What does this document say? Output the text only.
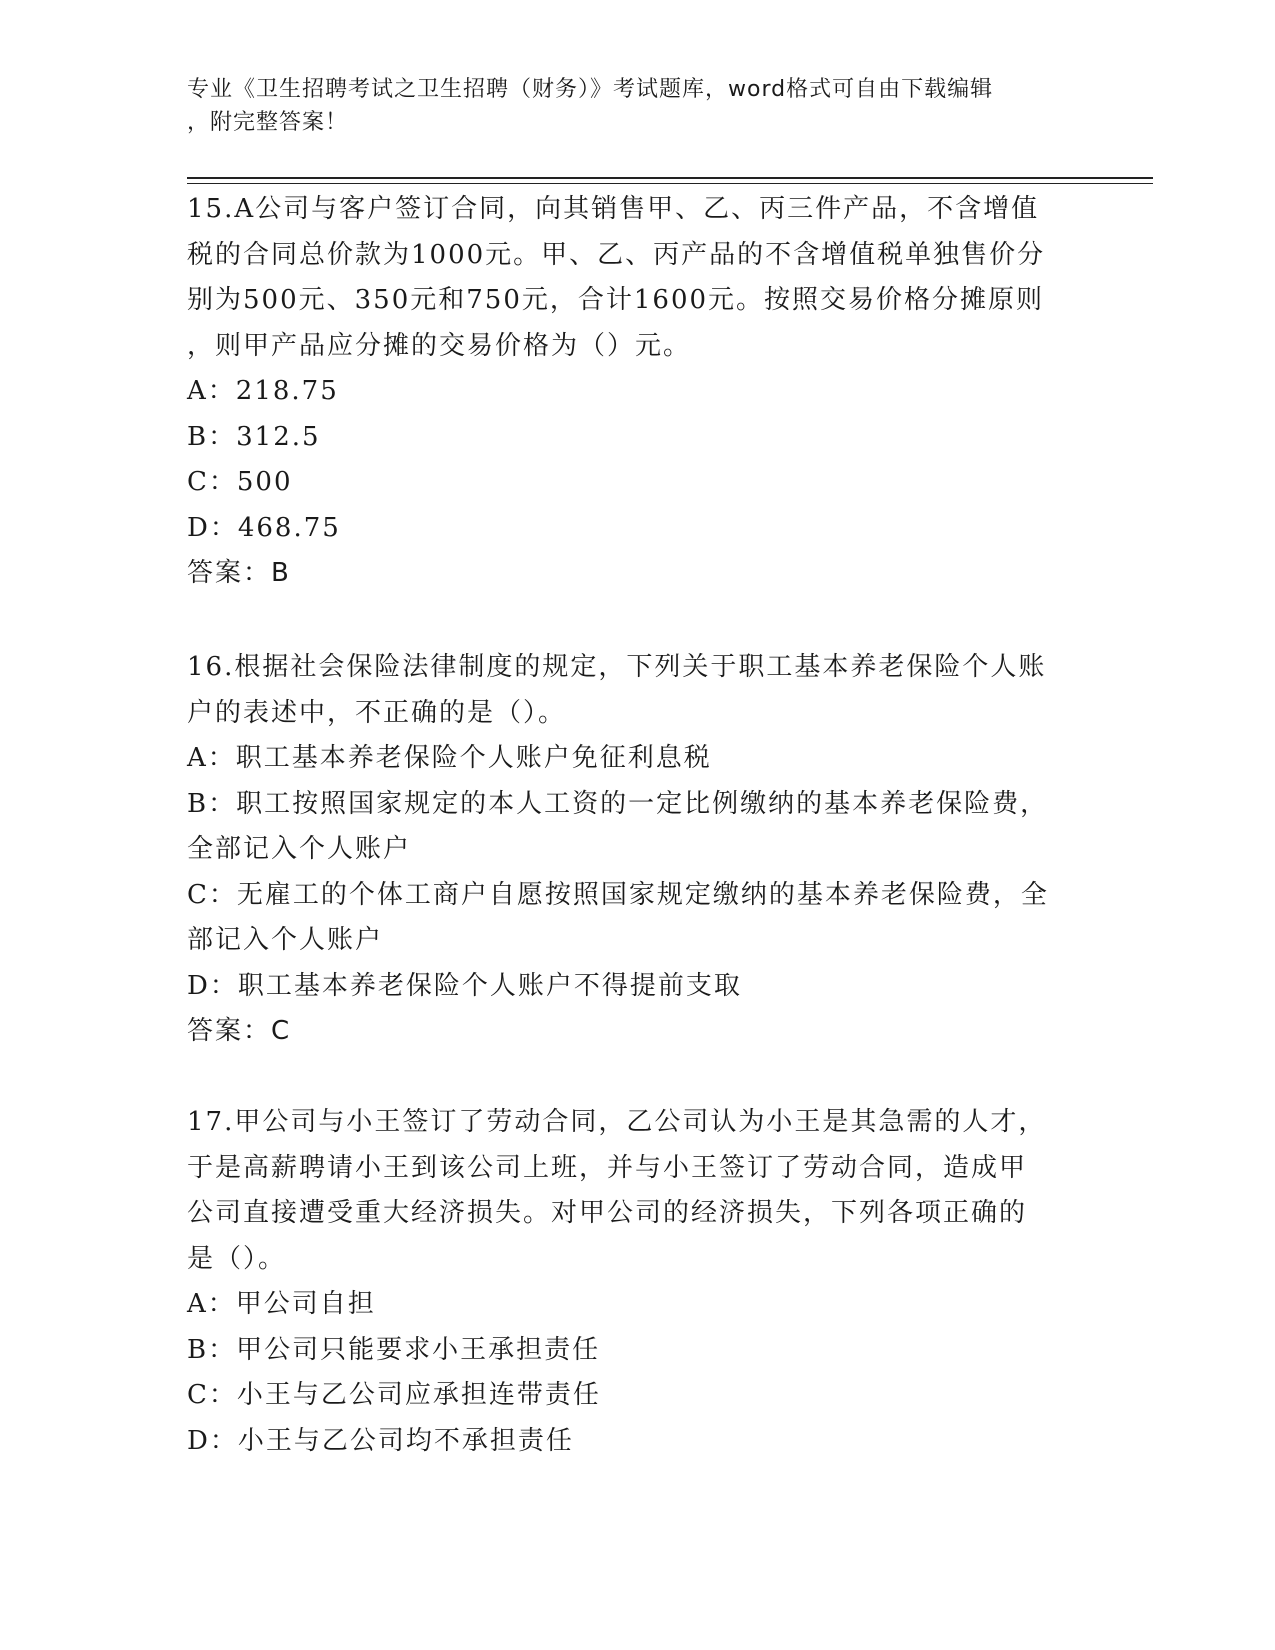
专业《卫生招聘考试之卫生招聘（财务）》考试题库，word格式可自由下载编辑
，附完整答案！
15.A公司与客户签订合同，向其销售甲、乙、丙三件产品，不含增值
税的合同总价款为1000元。甲、乙、丙产品的不含增值税单独售价分
别为500元、350元和750元，合计1600元。按照交易价格分摊原则
，则甲产品应分摊的交易价格为（）元。
A：218.75
B：312.5
C：500
D：468.75
答案：B
16.根据社会保险法律制度的规定，下列关于职工基本养老保险个人账
户的表述中，不正确的是（）。
A：职工基本养老保险个人账户免征利息税
B：职工按照国家规定的本人工资的一定比例缴纳的基本养老保险费，
全部记入个人账户
C：无雇工的个体工商户自愿按照国家规定缴纳的基本养老保险费，全
部记入个人账户
D：职工基本养老保险个人账户不得提前支取
答案：C
17.甲公司与小王签订了劳动合同，乙公司认为小王是其急需的人才，
于是高薪聘请小王到该公司上班，并与小王签订了劳动合同，造成甲
公司直接遭受重大经济损失。对甲公司的经济损失，下列各项正确的
是（）。
A：甲公司自担
B：甲公司只能要求小王承担责任
C：小王与乙公司应承担连带责任
D：小王与乙公司均不承担责任
